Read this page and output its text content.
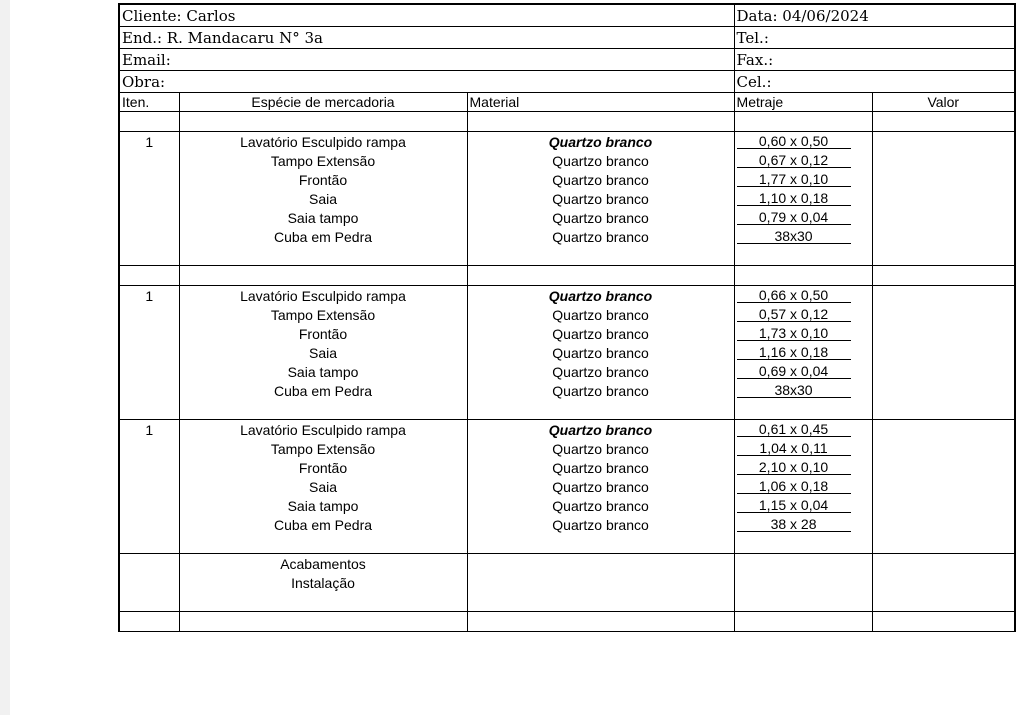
Cliente: Carlos			Data: 04/06/2024	
End.: R. Mandacaru N° 3a			Tel.:	
Email:			Fax.:	
Obra:			Cel.:	
Iten.	Espécie de mercadoria	Material	Metraje	Valor

1	Lavatório Esculpido rampa	Quartzo branco	0,60 x 0,50	
	Tampo Extensão	Quartzo branco	0,67 x 0,12	
	Frontão	Quartzo branco	1,77 x 0,10	
	Saia	Quartzo branco	1,10 x 0,18	
	Saia tampo	Quartzo branco	0,79 x 0,04	
	Cuba em Pedra	Quartzo branco	38x30	

1	Lavatório Esculpido rampa	Quartzo branco	0,66 x 0,50	
	Tampo Extensão	Quartzo branco	0,57 x 0,12	
	Frontão	Quartzo branco	1,73 x 0,10	
	Saia	Quartzo branco	1,16 x 0,18	
	Saia tampo	Quartzo branco	0,69 x 0,04	
	Cuba em Pedra	Quartzo branco	38x30	

1	Lavatório Esculpido rampa	Quartzo branco	0,61 x 0,45	
	Tampo Extensão	Quartzo branco	1,04 x 0,11	
	Frontão	Quartzo branco	2,10 x 0,10	
	Saia	Quartzo branco	1,06 x 0,18	
	Saia tampo	Quartzo branco	1,15 x 0,04	
	Cuba em Pedra	Quartzo branco	38 x 28	

	Acabamentos			
	Instalação			
